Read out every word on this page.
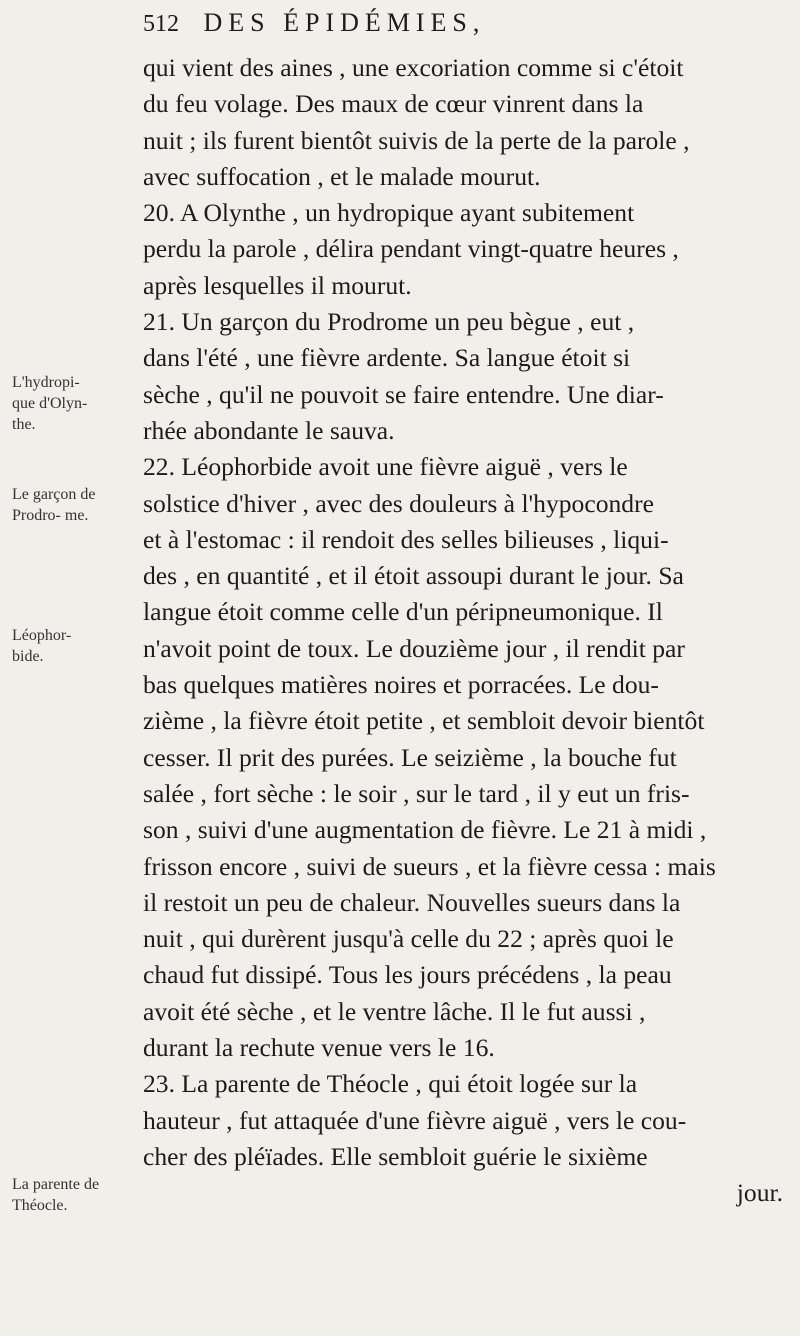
512 DES ÉPIDÉMIES,
L'hydropi- que d'Olyn- the.
Le garçon de Prodro- me.
Léophor- bide.
La parente de Théocle.
qui vient des aines , une excoriation comme si c'étoit
du feu volage. Des maux de cœur vinrent dans la
nuit ; ils furent bientôt suivis de la perte de la parole ,
avec suffocation , et le malade mourut.
20. A Olynthe , un hydropique ayant subitement
perdu la parole , délira pendant vingt-quatre heures ,
après lesquelles il mourut.
21. Un garçon du Prodrome un peu bègue , eut ,
dans l'été , une fièvre ardente. Sa langue étoit si
sèche , qu'il ne pouvoit se faire entendre. Une diar-
rhée abondante le sauva.
22. Léophorbide avoit une fièvre aiguë , vers le
solstice d'hiver , avec des douleurs à l'hypocondre
et à l'estomac : il rendoit des selles bilieuses , liqui-
des , en quantité , et il étoit assoupi durant le jour. Sa
langue étoit comme celle d'un péripneumonique. Il
n'avoit point de toux. Le douzième jour , il rendit par
bas quelques matières noires et porracées. Le dou-
zième , la fièvre étoit petite , et sembloit devoir bientôt
cesser. Il prit des purées. Le seizième , la bouche fut
salée , fort sèche : le soir , sur le tard , il y eut un fris-
son , suivi d'une augmentation de fièvre. Le 21 à midi ,
frisson encore , suivi de sueurs , et la fièvre cessa : mais
il restoit un peu de chaleur. Nouvelles sueurs dans la
nuit , qui durèrent jusqu'à celle du 22 ; après quoi le
chaud fut dissipé. Tous les jours précédens , la peau
avoit été sèche , et le ventre lâche. Il le fut aussi ,
durant la rechute venue vers le 16.
23. La parente de Théocle , qui étoit logée sur la
hauteur , fut attaquée d'une fièvre aiguë , vers le cou-
cher des pléïades. Elle sembloit guérie le sixième
jour.
